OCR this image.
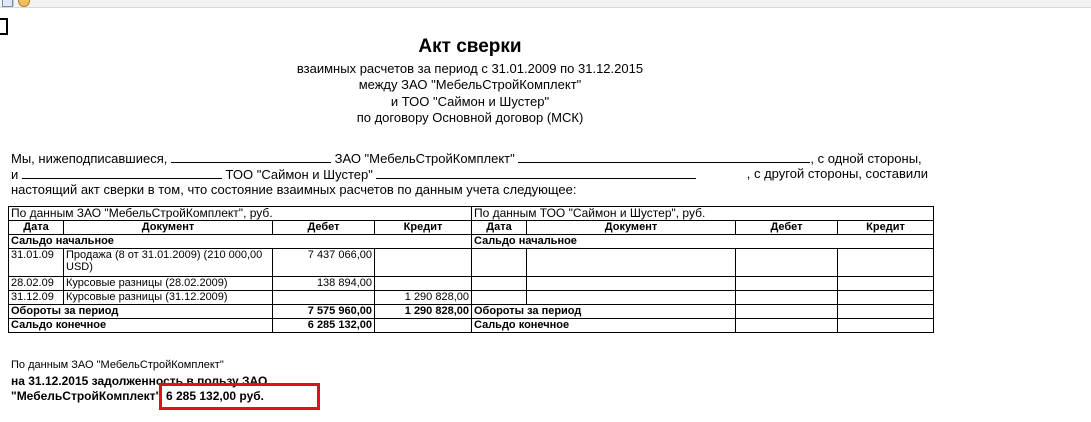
Акт сверки
взаимных расчетов за период с 31.01.2009 по 31.12.2015
между ЗАО "МебельСтройКомплект"
и ТОО "Саймон и Шустер"
по договору Основной договор (МСК)
Мы, нижеподписавшиеся,	ЗАО "МебельСтройКомплект"	, с одной стороны,
и	ТОО "Саймон и Шустер"	, с другой стороны, составили
настоящий акт сверки в том, что состояние взаимных расчетов по данным учета следующее:
По данным ЗАО "МебельСтройКомплект", руб.				По данным ТОО "Саймон и Шустер", руб.			
Дата	Документ	Дебет	Кредит	Дата	Документ	Дебет	Кредит
Сальдо начальное				Сальдо начальное			
31.01.09	Продажа (8 от 31.01.2009) (210 000,00 USD)	7 437 066,00					
28.02.09	Курсовые разницы (28.02.2009)	138 894,00					
31.12.09	Курсовые разницы (31.12.2009)		1 290 828,00				
Обороты за период		7 575 960,00	1 290 828,00	Обороты за период			
Сальдо конечное		6 285 132,00		Сальдо конечное			
По данным ЗАО "МебельСтройКомплект"
на 31.12.2015 задолженность в пользу ЗАО
"МебельСтройКомплект" 6 285 132,00 руб.
